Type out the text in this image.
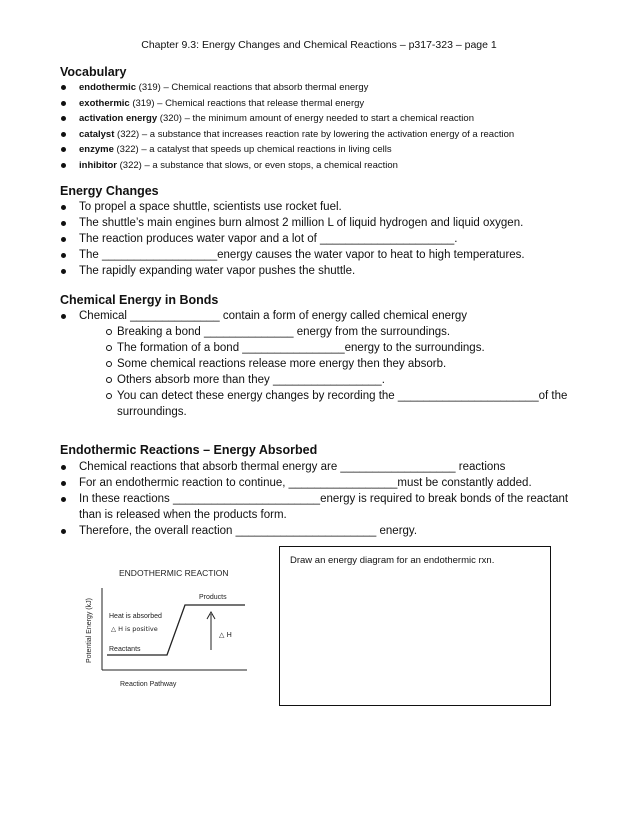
Chapter 9.3: Energy Changes and Chemical Reactions – p317-323 – page 1
Vocabulary
endothermic (319) – Chemical reactions that absorb thermal energy
exothermic (319) – Chemical reactions that release thermal energy
activation energy (320) – the minimum amount of energy needed to start a chemical reaction
catalyst (322) – a substance that increases reaction rate by lowering the activation energy of a reaction
enzyme (322) – a catalyst that speeds up chemical reactions in living cells
inhibitor (322) – a substance that slows, or even stops, a chemical reaction
Energy Changes
To propel a space shuttle, scientists use rocket fuel.
The shuttle’s main engines burn almost 2 million L of liquid hydrogen and liquid oxygen.
The reaction produces water vapor and a lot of _____________________.
The __________________energy causes the water vapor to heat to high temperatures.
The rapidly expanding water vapor pushes the shuttle.
Chemical Energy in Bonds
Chemical ______________ contain a form of energy called chemical energy
Breaking a bond ______________ energy from the surroundings.
The formation of a bond ________________energy to the surroundings.
Some chemical reactions release more energy then they absorb.
Others absorb more than they _________________.
You can detect these energy changes by recording the ______________________of the surroundings.
Endothermic Reactions – Energy Absorbed
Chemical reactions that absorb thermal energy are __________________ reactions
For an endothermic reaction to continue, _________________must be constantly added.
In these reactions _______________________energy is required to break bonds of the reactant than is released when the products form.
Therefore, the overall reaction ______________________ energy.
ENDOTHERMIC REACTION
Potential Energy (kJ)
Products
Heat is absorbed
△ H is positive
Reactants
△ H
Reaction Pathway
Draw an energy diagram for an endothermic rxn.
